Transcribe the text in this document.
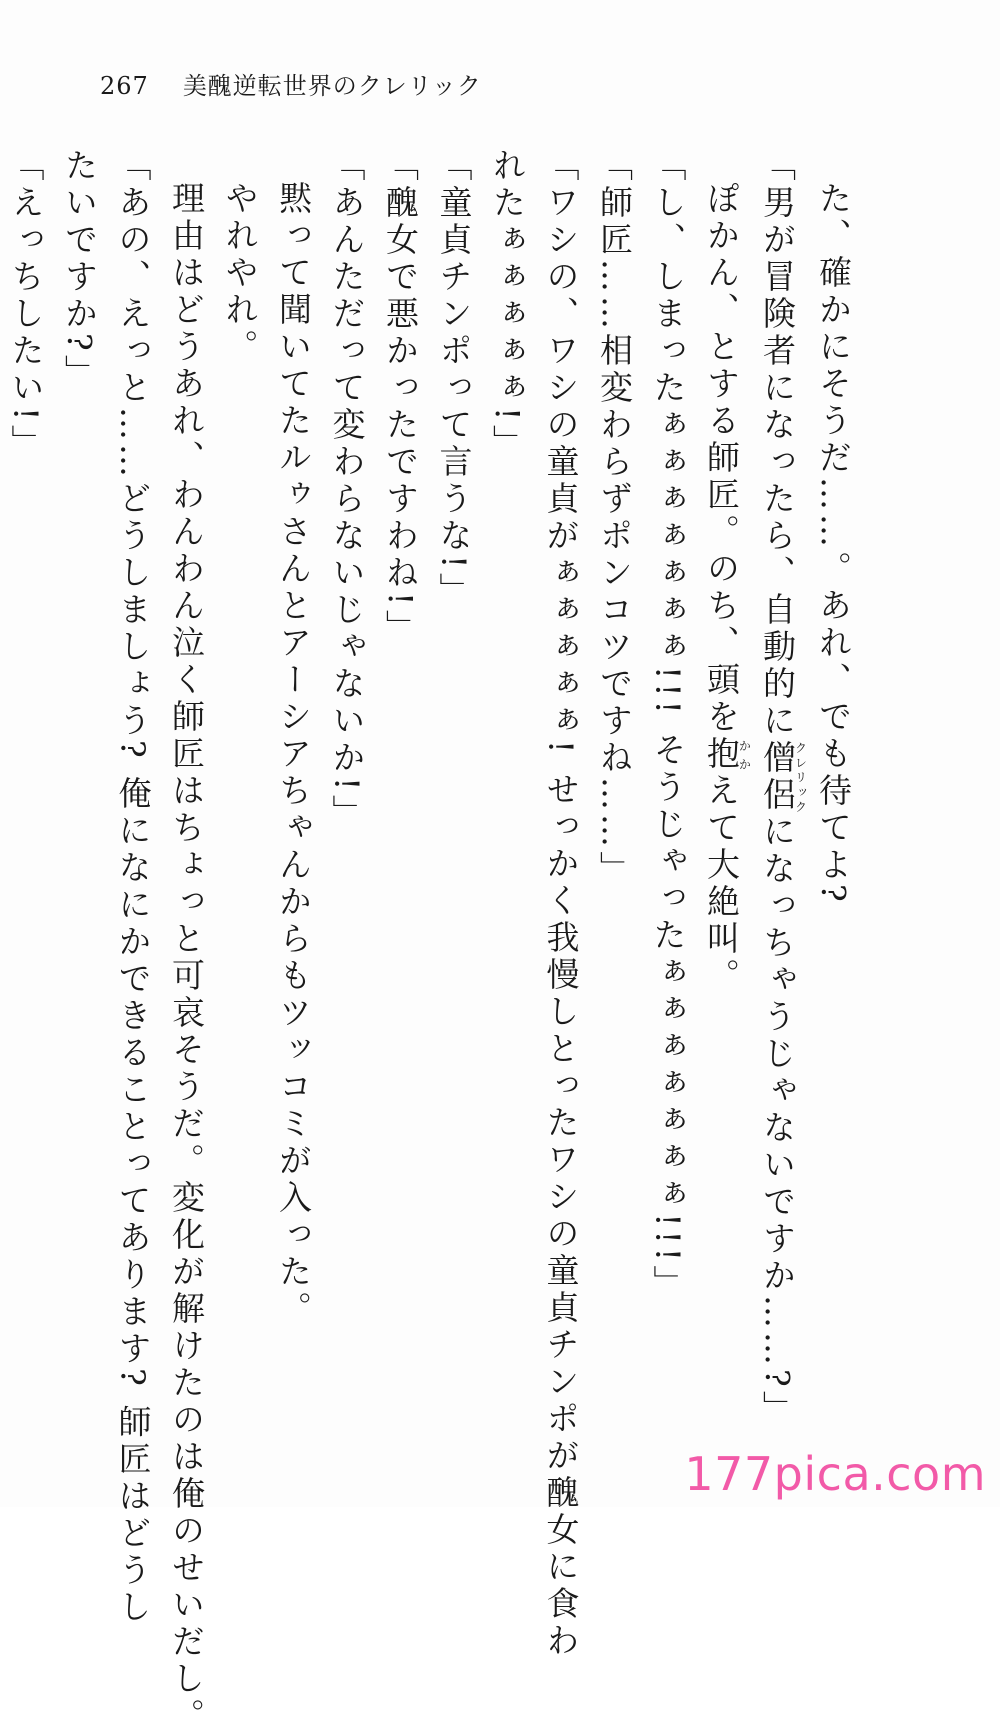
267 美醜逆転世界のクレリック
た、確かにそうだ……。あれ、でも待てよ?
「男が冒険者になったら、自動的に僧侶クレリックになっちゃうじゃないですか……?」
ぽかん、とする師匠。のち、頭を抱かかえて大絶叫。
「し、しまったぁぁぁぁぁぁぁ!!! そうじゃったぁぁぁぁぁぁぁ!!!」
「師匠……相変わらずポンコツですね……」
「ワシの、ワシの童貞がぁぁぁぁぁ! せっかく我慢しとったワシの童貞チンポが醜女に食わ
れたぁぁぁぁぁ!」
「童貞チンポって言うな!」
「醜女で悪かったですわね!」
「あんただって変わらないじゃないか!」
黙って聞いてたルゥさんとアーシアちゃんからもツッコミが入った。
やれやれ。
理由はどうあれ、わんわん泣く師匠はちょっと可哀そうだ。変化が解けたのは俺のせいだし。
「あの、えっと……どうしましょう? 俺になにかできることってあります? 師匠はどうし
たいですか?」
「えっちしたい!」
177pica.com
